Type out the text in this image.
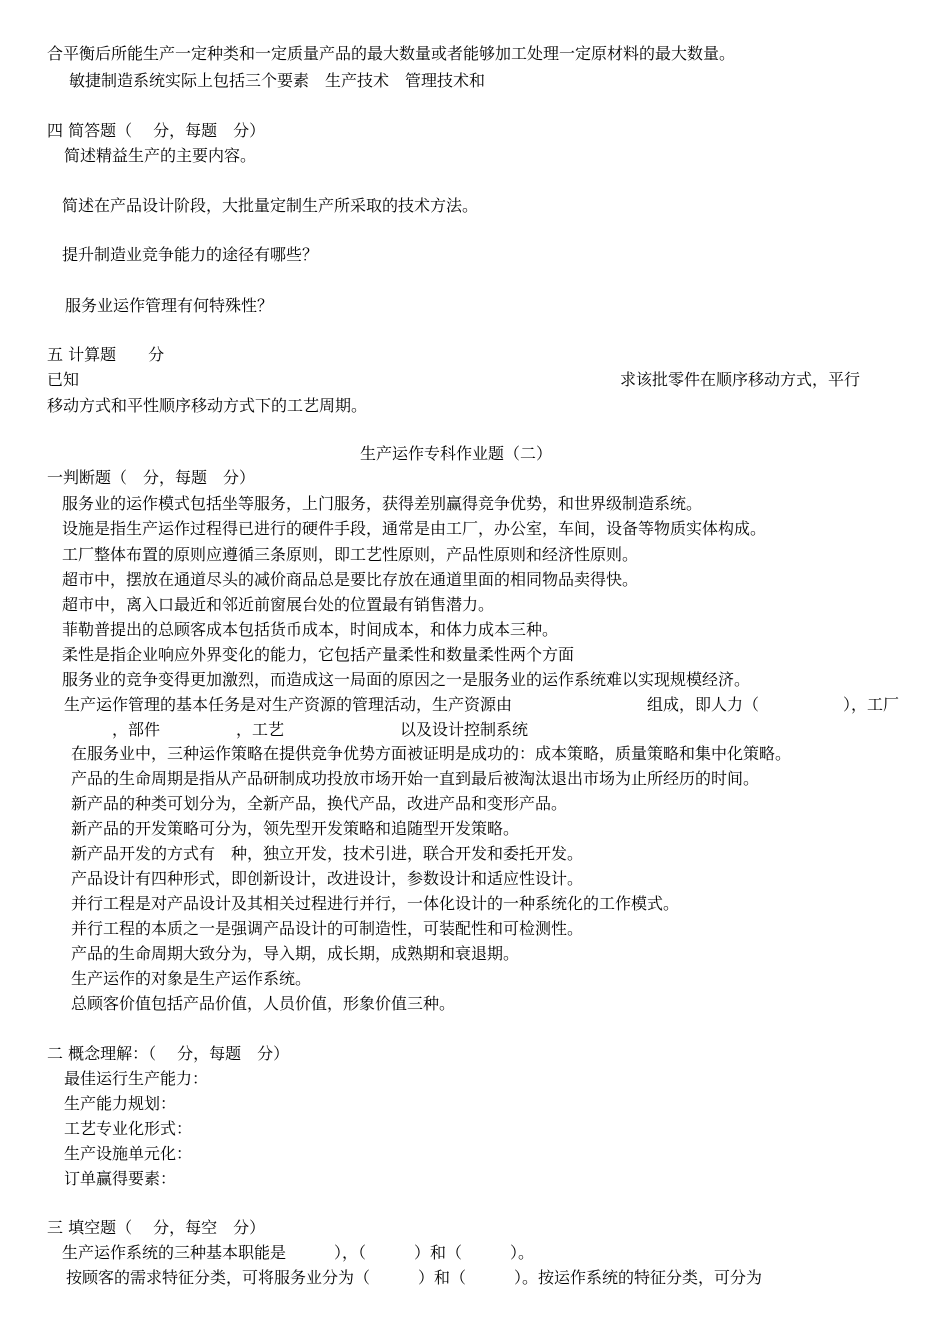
合平衡后所能生产一定种类和一定质量产品的最大数量或者能够加工处理一定原材料的最大数量。
敏捷制造系统实际上包括三个要素　生产技术　管理技术和
四 简答题（　 分，每题　分）
简述精益生产的主要内容。
简述在产品设计阶段，大批量定制生产所采取的技术方法。
提升制造业竞争能力的途径有哪些？
服务业运作管理有何特殊性？
五 计算题　　分
已知	求该批零件在顺序移动方式，平行
移动方式和平性顺序移动方式下的工艺周期。
生产运作专科作业题（二）
一判断题（　分，每题　分）
服务业的运作模式包括坐等服务，上门服务，获得差别赢得竞争优势，和世界级制造系统。
设施是指生产运作过程得已进行的硬件手段，通常是由工厂，办公室，车间，设备等物质实体构成。
工厂整体布置的原则应遵循三条原则，即工艺性原则，产品性原则和经济性原则。
超市中，摆放在通道尽头的减价商品总是要比存放在通道里面的相同物品卖得快。
超市中，离入口最近和邻近前窗展台处的位置最有销售潜力。
菲勒普提出的总顾客成本包括货币成本，时间成本，和体力成本三种。
柔性是指企业响应外界变化的能力，它包括产量柔性和数量柔性两个方面
服务业的竞争变得更加激烈，而造成这一局面的原因之一是服务业的运作系统难以实现规模经济。
生产运作管理的基本任务是对生产资源的管理活动，生产资源由	组成，即人力（	），工厂
，部件	，工艺	以及设计控制系统
在服务业中，三种运作策略在提供竞争优势方面被证明是成功的：成本策略，质量策略和集中化策略。
产品的生命周期是指从产品研制成功投放市场开始一直到最后被淘汰退出市场为止所经历的时间。
新产品的种类可划分为，全新产品，换代产品，改进产品和变形产品。
新产品的开发策略可分为，领先型开发策略和追随型开发策略。
新产品开发的方式有　种，独立开发，技术引进，联合开发和委托开发。
产品设计有四种形式，即创新设计，改进设计，参数设计和适应性设计。
并行工程是对产品设计及其相关过程进行并行，一体化设计的一种系统化的工作模式。
并行工程的本质之一是强调产品设计的可制造性，可装配性和可检测性。
产品的生命周期大致分为，导入期，成长期，成熟期和衰退期。
生产运作的对象是生产运作系统。
总顾客价值包括产品价值，人员价值，形象价值三种。
二 概念理解：（　 分，每题　分）
最佳运行生产能力：
生产能力规划：
工艺专业化形式：
生产设施单元化：
订单赢得要素：
三 填空题（　 分，每空　分）
生产运作系统的三种基本职能是　　　），（　　　）和（　　　）。
按顾客的需求特征分类，可将服务业分为（　　　）和（　　　）。按运作系统的特征分类，可分为
